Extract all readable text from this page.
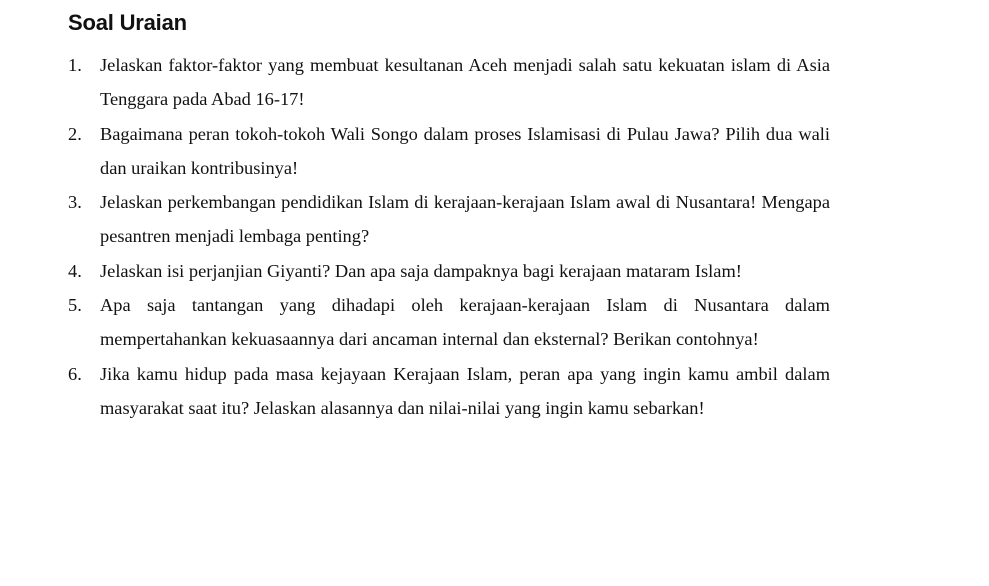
Soal Uraian
1. Jelaskan faktor-faktor yang membuat kesultanan Aceh menjadi salah satu kekuatan islam di Asia Tenggara pada Abad 16-17!
2. Bagaimana peran tokoh-tokoh Wali Songo dalam proses Islamisasi di Pulau Jawa? Pilih dua wali dan uraikan kontribusinya!
3. Jelaskan perkembangan pendidikan Islam di kerajaan-kerajaan Islam awal di Nusantara! Mengapa pesantren menjadi lembaga penting?
4. Jelaskan isi perjanjian Giyanti? Dan apa saja dampaknya bagi kerajaan mataram Islam!
5. Apa saja tantangan yang dihadapi oleh kerajaan-kerajaan Islam di Nusantara dalam mempertahankan kekuasaannya dari ancaman internal dan eksternal? Berikan contohnya!
6. Jika kamu hidup pada masa kejayaan Kerajaan Islam, peran apa yang ingin kamu ambil dalam masyarakat saat itu? Jelaskan alasannya dan nilai-nilai yang ingin kamu sebarkan!
